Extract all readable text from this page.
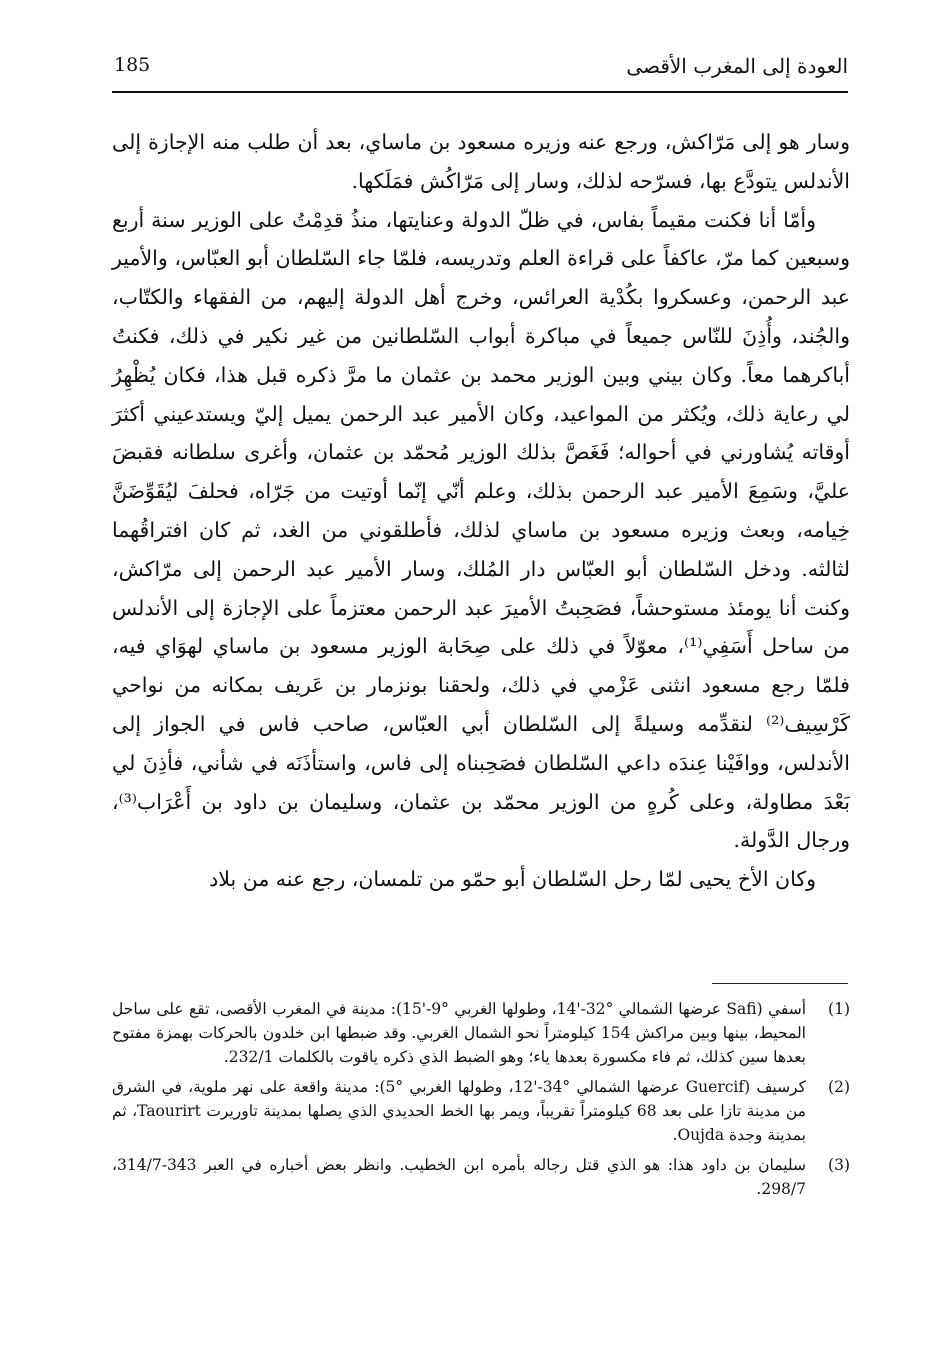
العودة إلى المغرب الأقصى
185

وسار هو إلى مَرّاكش، ورجع عنه وزيره مسعود بن ماساي، بعد أن طلب منه الإجازة إلى الأندلس يتودَّع بها، فسرّحه لذلك، وسار إلى مَرّاكُش فمَلَكها.

وأمّا أنا فكنت مقيماً بفاس، في ظلّ الدولة وعنايتها، منذُ قدِمْتُ على الوزير سنة أربع وسبعين كما مرّ، عاكفاً على قراءة العلم وتدريسه، فلمّا جاء السّلطان أبو العبّاس، والأمير عبد الرحمن، وعسكروا بكُدْية العرائس، وخرج أهل الدولة إليهم، من الفقهاء والكتّاب، والجُند، وأُذِنَ للنّاس جميعاً في مباكرة أبواب السّلطانين من غير نكير في ذلك، فكنتُ أباكرهما معاً. وكان بيني وبين الوزير محمد بن عثمان ما مرَّ ذكره قبل هذا، فكان يُظْهِرُ لي رعاية ذلك، ويُكثر من المواعيد، وكان الأمير عبد الرحمن يميل إليّ ويستدعيني أكثرَ أوقاته يُشاورني في أحواله؛ فَغَصَّ بذلك الوزير مُحمّد بن عثمان، وأغرى سلطانه فقبضَ عليَّ، وسَمِعَ الأمير عبد الرحمن بذلك، وعلم أنّي إنّما أوتيت من جَرّاه، فحلفَ ليُقَوِّضَنَّ خِيامه، وبعث وزيره مسعود بن ماساي لذلك، فأطلقوني من الغد، ثم كان افتراقُهما لثالثه. ودخل السّلطان أبو العبّاس دار المُلك، وسار الأمير عبد الرحمن إلى مرّاكش، وكنت أنا يومئذ مستوحشاً، فصَحِبتُ الأميرَ عبد الرحمن معتزماً على الإجازة إلى الأندلس من ساحل أَسَفِي⁽¹⁾، معوّلاً في ذلك على صِحَابة الوزير مسعود بن ماساي لهوَاي فيه، فلمّا رجع مسعود انثنى عَزْمي في ذلك، ولحقنا بونزمار بن عَريف بمكانه من نواحي كَرْسِيف⁽²⁾ لنقدِّمه وسيلةً إلى السّلطان أبي العبّاس، صاحب فاس في الجواز إلى الأندلس، ووافَيْنا عِندَه داعي السّلطان فصَحِبناه إلى فاس، واستأذَنَه في شأني، فأذِنَ لي بَعْدَ مطاولة، وعلى كُرهٍ من الوزير محمّد بن عثمان، وسليمان بن داود بن أَعْرَاب⁽³⁾، ورجال الدَّولة.

وكان الأخ يحيى لمّا رحل السّلطان أبو حمّو من تلمسان، رجع عنه من بلاد

(1)
أسفي (Safi عرضها الشمالي °32-'14، وطولها الغربي °9-'15): مدينة في المغرب الأقصى، تقع على ساحل المحيط، بينها وبين مراكش 154 كيلومتراً نحو الشمال الغربي. وقد ضبطها ابن خلدون بالحركات بهمزة مفتوح بعدها سين كذلك، ثم فاء مكسورة بعدها ياء؛ وهو الضبط الذي ذكره ياقوت بالكلمات 232/1.
(2)
كرسيف (Guercif عرضها الشمالي °34-'12، وطولها الغربي °5): مدينة واقعة على نهر ملوية، في الشرق من مدينة تازا على بعد 68 كيلومتراً تقريباً، ويمر بها الخط الحديدي الذي يصلها بمدينة تاوريرت Taourirt، ثم بمدينة وجدة Oujda.
(3)
سليمان بن داود هذا: هو الذي قتل رجاله بأمره ابن الخطيب. وانظر بعض أخباره في العبر 343-314/7، 298/7.
